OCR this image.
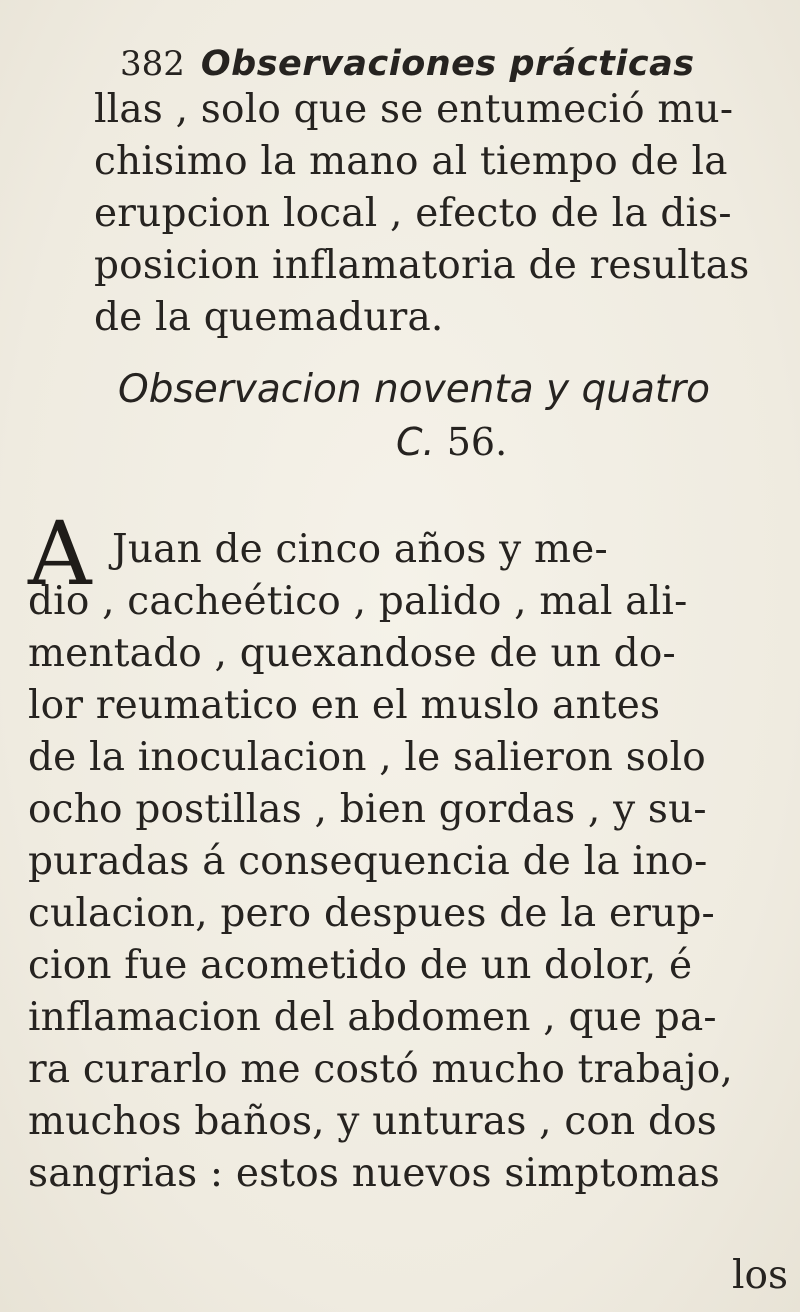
382 Observaciones prácticas
llas , solo que se entumeció mu-
chisimo la mano al tiempo de la
erupcion local , efecto de la dis-
posicion inflamatoria de resultas
de la quemadura.
Observacion noventa y quatro
C. 56.
A Juan de cinco años y me-
dio , cacheético , palido , mal ali-
mentado , quexandose de un do-
lor reumatico en el muslo antes
de la inoculacion , le salieron solo
ocho postillas , bien gordas , y su-
puradas á consequencia de la ino-
culacion, pero despues de la erup-
cion fue acometido de un dolor, é
inflamacion del abdomen , que pa-
ra curarlo me costó mucho trabajo,
muchos baños, y unturas , con dos
sangrias : estos nuevos simptomas
los
